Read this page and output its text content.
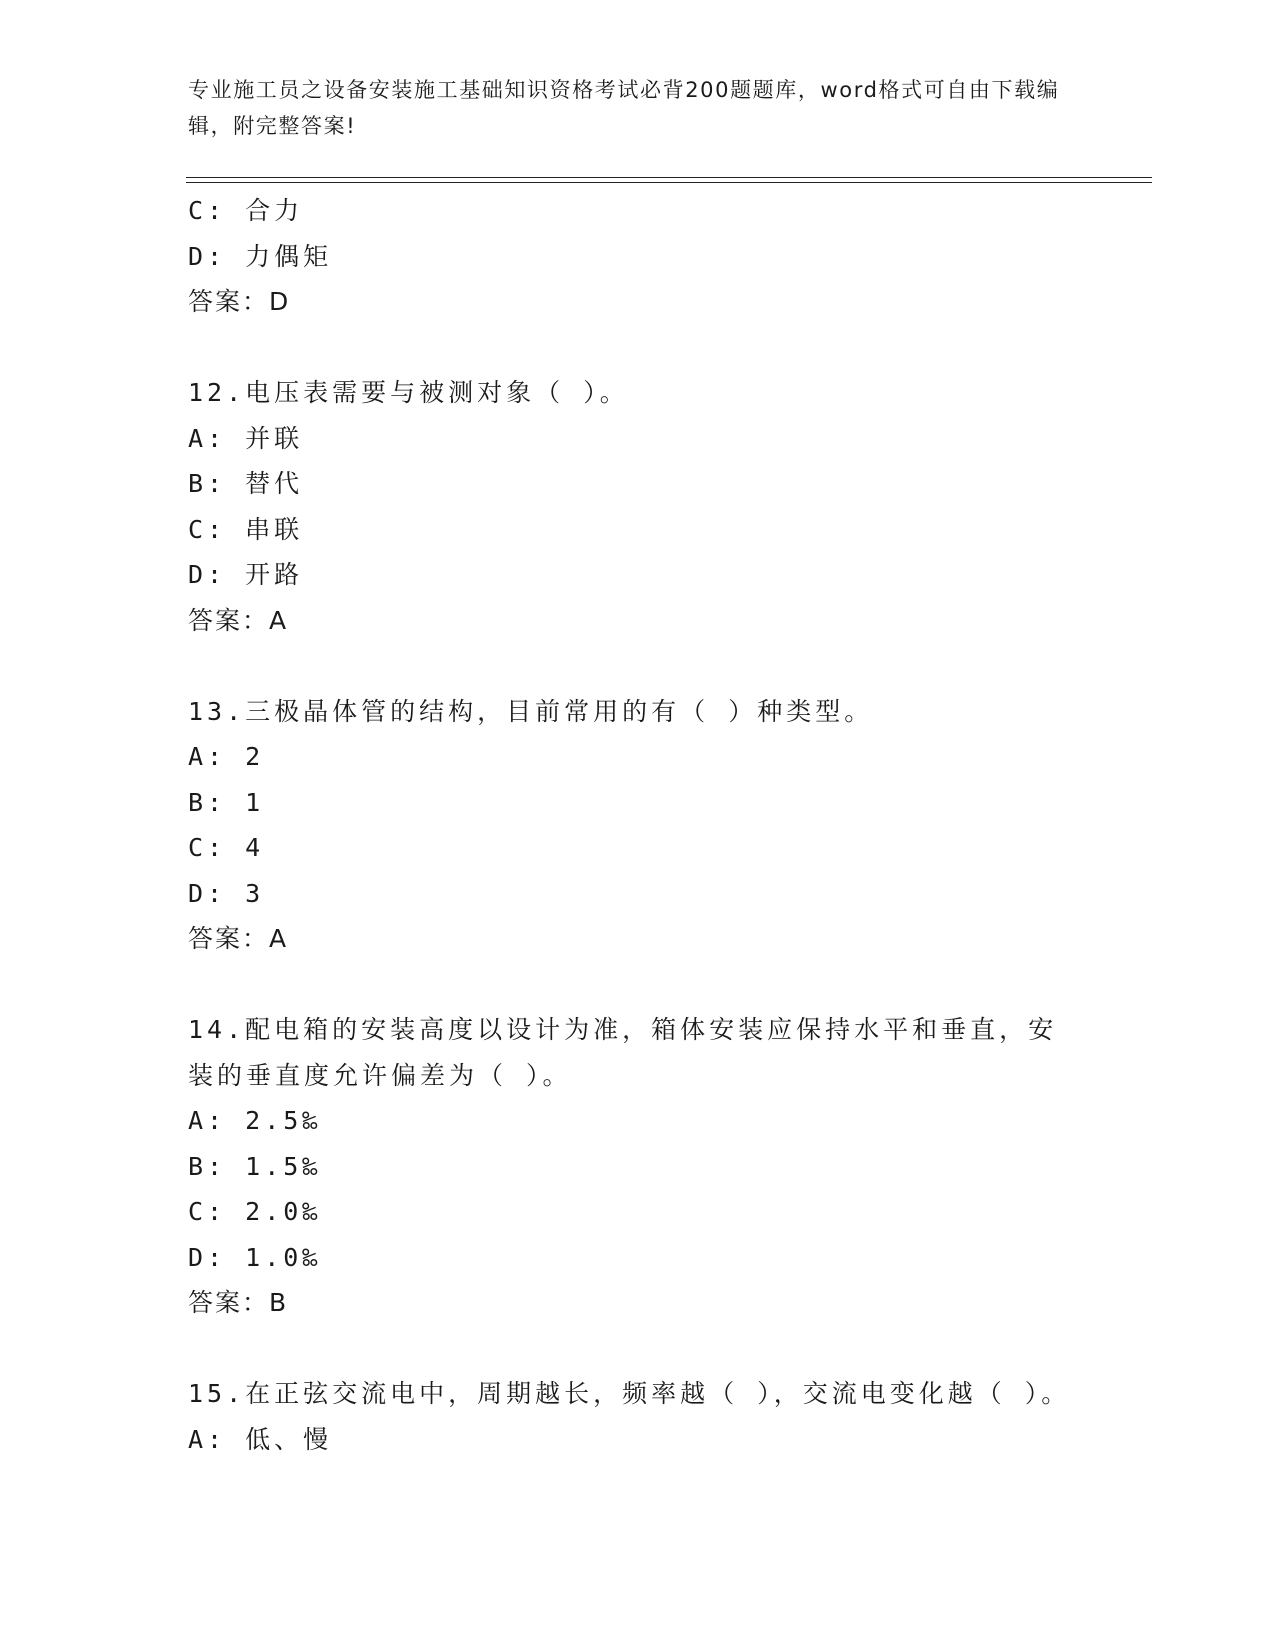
专业施工员之设备安装施工基础知识资格考试必背200题题库，word格式可自由下载编辑，附完整答案!
C: 合力
D: 力偶矩
答案：D
12.电压表需要与被测对象（ ）。
A: 并联
B: 替代
C: 串联
D: 开路
答案：A
13.三极晶体管的结构，目前常用的有（ ）种类型。
A: 2
B: 1
C: 4
D: 3
答案：A
14.配电箱的安装高度以设计为准，箱体安装应保持水平和垂直，安装的垂直度允许偏差为（ ）。
A: 2.5‰
B: 1.5‰
C: 2.0‰
D: 1.0‰
答案：B
15.在正弦交流电中，周期越长，频率越（ ），交流电变化越（ ）。
A: 低、慢
